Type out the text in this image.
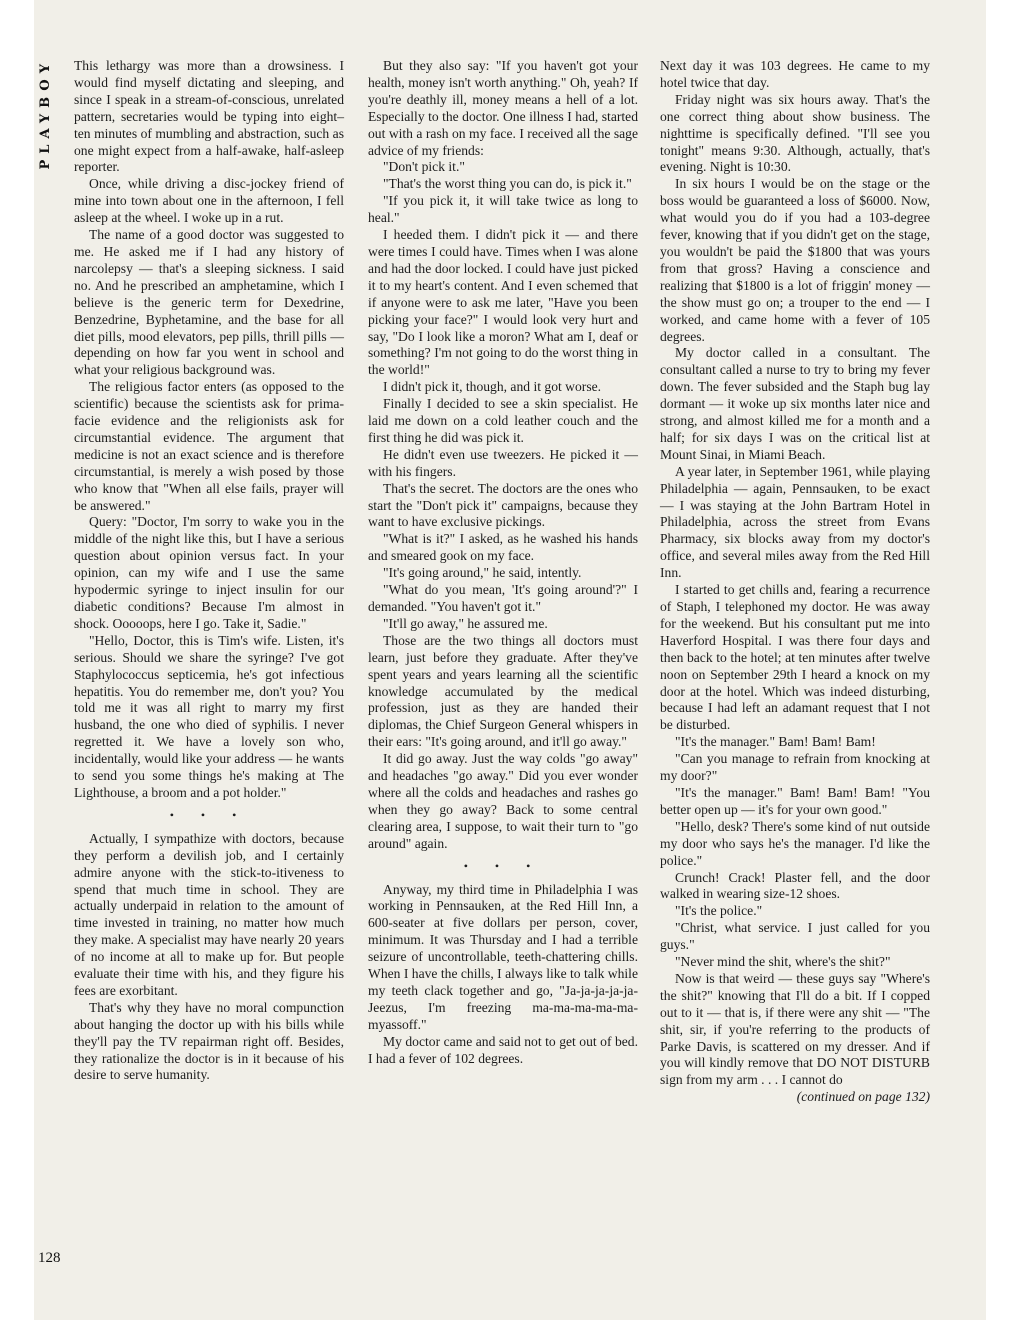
PLAYBOY This lethargy was more than a drowsiness. I would find myself dictating and sleeping, and since I speak in a stream-of-conscious, unrelated pattern, secretaries would be typing into eight–ten minutes of mumbling and abstraction, such as one might expect from a half-awake, half-asleep reporter.

Once, while driving a disc-jockey friend of mine into town about one in the afternoon, I fell asleep at the wheel. I woke up in a rut.

The name of a good doctor was suggested to me. He asked me if I had any history of narcolepsy — that's a sleeping sickness. I said no. And he prescribed an amphetamine, which I believe is the generic term for Dexedrine, Benzedrine, Byphetamine, and the base for all diet pills, mood elevators, pep pills, thrill pills — depending on how far you went in school and what your religious background was.

The religious factor enters (as opposed to the scientific) because the scientists ask for prima-facie evidence and the religionists ask for circumstantial evidence. The argument that medicine is not an exact science and is therefore circumstantial, is merely a wish posed by those who know that "When all else fails, prayer will be answered."

Query: "Doctor, I'm sorry to wake you in the middle of the night like this, but I have a serious question about opinion versus fact. In your opinion, can my wife and I use the same hypodermic syringe to inject insulin for our diabetic conditions? Because I'm almost in shock. Ooooops, here I go. Take it, Sadie."

"Hello, Doctor, this is Tim's wife. Listen, it's serious. Should we share the syringe? I've got Staphylococcus septicemia, he's got infectious hepatitis. You do remember me, don't you? You told me it was all right to marry my first husband, the one who died of syphilis. I never regretted it. We have a lovely son who, incidentally, would like your address — he wants to send you some things he's making at The Lighthouse, a broom and a pot holder."

• • •

Actually, I sympathize with doctors, because they perform a devilish job, and I certainly admire anyone with the stick-to-itiveness to spend that much time in school. They are actually underpaid in relation to the amount of time invested in training, no matter how much they make. A specialist may have nearly 20 years of no income at all to make up for. But people evaluate their time with his, and they figure his fees are exorbitant.

That's why they have no moral compunction about hanging the doctor up with his bills while they'll pay the TV repairman right off. Besides, they rationalize the doctor is in it because of his desire to serve humanity.

But they also say: "If you haven't got your health, money isn't worth anything." Oh, yeah? If you're deathly ill, money means a hell of a lot. Especially to the doctor. One illness I had, started out with a rash on my face. I received all the sage advice of my friends:

"Don't pick it."

"That's the worst thing you can do, is pick it."

"If you pick it, it will take twice as long to heal."

I heeded them. I didn't pick it — and there were times I could have. Times when I was alone and had the door locked. I could have just picked it to my heart's content. And I even schemed that if anyone were to ask me later, "Have you been picking your face?" I would look very hurt and say, "Do I look like a moron? What am I, deaf or something? I'm not going to do the worst thing in the world!"

I didn't pick it, though, and it got worse.

Finally I decided to see a skin specialist. He laid me down on a cold leather couch and the first thing he did was pick it.

He didn't even use tweezers. He picked it — with his fingers.

That's the secret. The doctors are the ones who start the "Don't pick it" campaigns, because they want to have exclusive pickings.

"What is it?" I asked, as he washed his hands and smeared gook on my face.

"It's going around," he said, intently.

"What do you mean, 'It's going around'?" I demanded. "You haven't got it."

"It'll go away," he assured me.

Those are the two things all doctors must learn, just before they graduate. After they've spent years and years learning all the scientific knowledge accumulated by the medical profession, just as they are handed their diplomas, the Chief Surgeon General whispers in their ears: "It's going around, and it'll go away."

It did go away. Just the way colds "go away" and headaches "go away." Did you ever wonder where all the colds and headaches and rashes go when they go away? Back to some central clearing area, I suppose, to wait their turn to "go around" again.

• • •

Anyway, my third time in Philadelphia I was working in Pennsauken, at the Red Hill Inn, a 600-seater at five dollars per person, cover, minimum. It was Thursday and I had a terrible seizure of uncontrollable, teeth-chattering chills. When I have the chills, I always like to talk while my teeth clack together and go, "Ja-ja-ja-ja-ja-Jeezus, I'm freezing ma-ma-ma-ma-ma-myassoff."

My doctor came and said not to get out of bed. I had a fever of 102 degrees.

Next day it was 103 degrees. He came to my hotel twice that day.

Friday night was six hours away. That's the one correct thing about show business. The nighttime is specifically defined. "I'll see you tonight" means 9:30. Although, actually, that's evening. Night is 10:30.

In six hours I would be on the stage or the boss would be guaranteed a loss of $6000. Now, what would you do if you had a 103-degree fever, knowing that if you didn't get on the stage, you wouldn't be paid the $1800 that was yours from that gross? Having a conscience and realizing that $1800 is a lot of friggin' money — the show must go on; a trouper to the end — I worked, and came home with a fever of 105 degrees.

My doctor called in a consultant. The consultant called a nurse to try to bring my fever down. The fever subsided and the Staph bug lay dormant — it woke up six months later nice and strong, and almost killed me for a month and a half; for six days I was on the critical list at Mount Sinai, in Miami Beach.

A year later, in September 1961, while playing Philadelphia — again, Pennsauken, to be exact — I was staying at the John Bartram Hotel in Philadelphia, across the street from Evans Pharmacy, six blocks away from my doctor's office, and several miles away from the Red Hill Inn.

I started to get chills and, fearing a recurrence of Staph, I telephoned my doctor. He was away for the weekend. But his consultant put me into Haverford Hospital. I was there four days and then back to the hotel; at ten minutes after twelve noon on September 29th I heard a knock on my door at the hotel. Which was indeed disturbing, because I had left an adamant request that I not be disturbed.

"It's the manager." Bam! Bam! Bam!

"Can you manage to refrain from knocking at my door?"

"It's the manager." Bam! Bam! Bam! "You better open up — it's for your own good."

"Hello, desk? There's some kind of nut outside my door who says he's the manager. I'd like the police."

Crunch! Crack! Plaster fell, and the door walked in wearing size-12 shoes.

"It's the police."

"Christ, what service. I just called for you guys."

"Never mind the shit, where's the shit?"

Now is that weird — these guys say "Where's the shit?" knowing that I'll do a bit. If I copped out to it — that is, if there were any shit — "The shit, sir, if you're referring to the products of Parke Davis, is scattered on my dresser. And if you will kindly remove that DO NOT DISTURB sign from my arm . . . I cannot do

(continued on page 132)

128
